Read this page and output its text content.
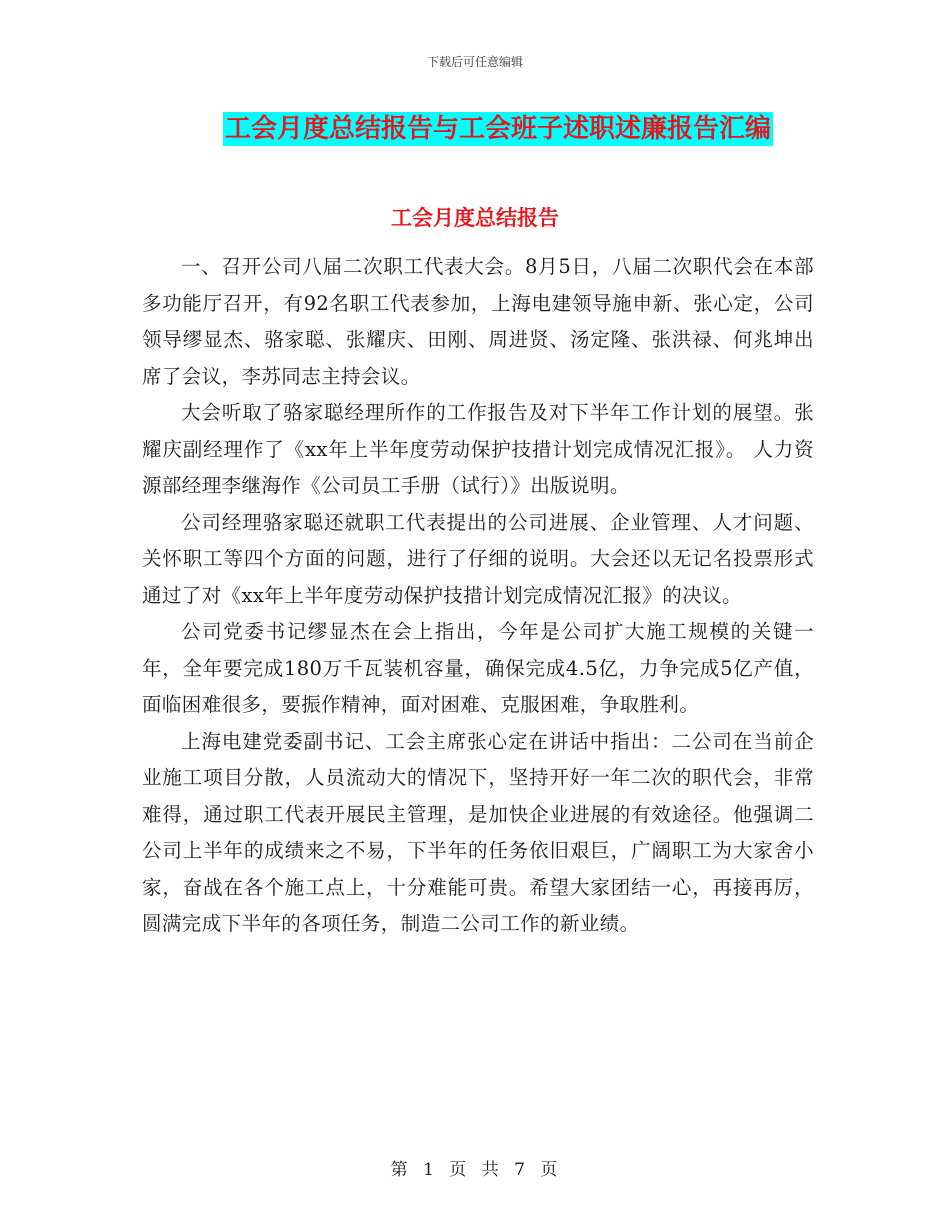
下载后可任意编辑
工会月度总结报告与工会班子述职述廉报告汇编
工会月度总结报告

一、召开公司八届二次职工代表大会。8月5日，八届二次职代会在本部多功能厅召开，有92名职工代表参加，上海电建领导施申新、张心定，公司领导缪显杰、骆家聪、张耀庆、田刚、周进贤、汤定隆、张洪禄、何兆坤出席了会议，李苏同志主持会议。

大会听取了骆家聪经理所作的工作报告及对下半年工作计划的展望。张耀庆副经理作了《xx年上半年度劳动保护技措计划完成情况汇报》。 人力资源部经理李继海作《公司员工手册（试行）》出版说明。

公司经理骆家聪还就职工代表提出的公司进展、企业管理、人才问题、关怀职工等四个方面的问题，进行了仔细的说明。大会还以无记名投票形式通过了对《xx年上半年度劳动保护技措计划完成情况汇报》的决议。

公司党委书记缪显杰在会上指出，今年是公司扩大施工规模的关键一年，全年要完成180万千瓦装机容量，确保完成4.5亿，力争完成5亿产值，面临困难很多，要振作精神，面对困难、克服困难，争取胜利。

上海电建党委副书记、工会主席张心定在讲话中指出：二公司在当前企业施工项目分散，人员流动大的情况下，坚持开好一年二次的职代会，非常难得，通过职工代表开展民主管理，是加快企业进展的有效途径。他强调二公司上半年的成绩来之不易，下半年的任务依旧艰巨，广阔职工为大家舍小家，奋战在各个施工点上，十分难能可贵。希望大家团结一心，再接再厉，圆满完成下半年的各项任务，制造二公司工作的新业绩。

第 1 页 共 7 页
